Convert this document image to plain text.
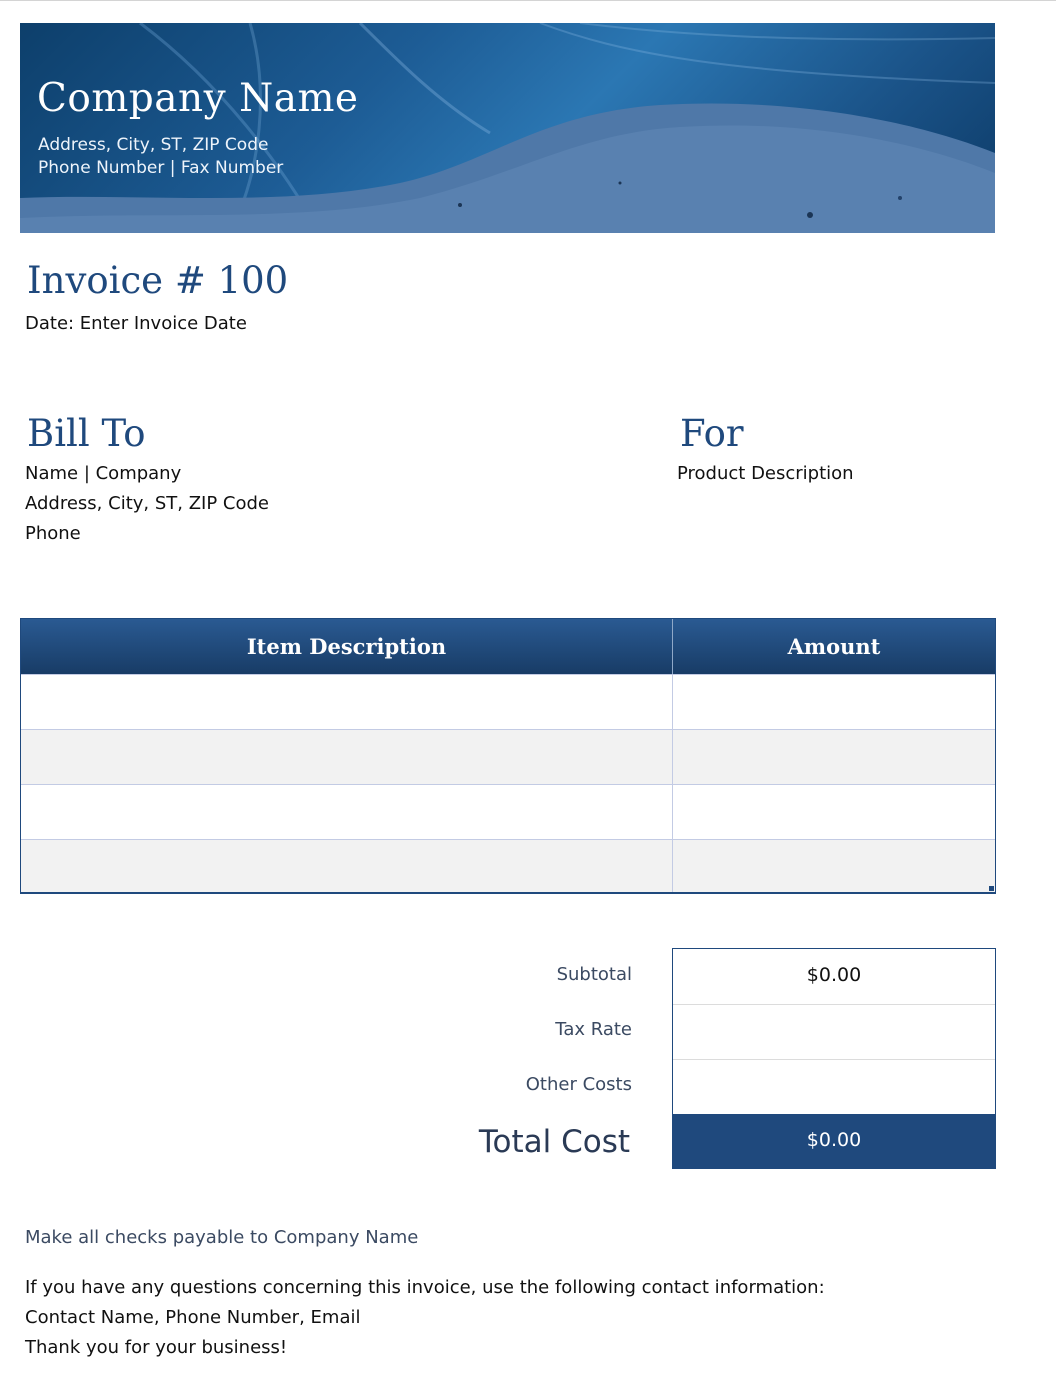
Company Name
Address, City, ST, ZIP Code
Phone Number | Fax Number
Invoice # 100
Date: Enter Invoice Date
Bill To
Name | Company
Address, City, ST, ZIP Code
Phone
For
Product Description
Item Description	Amount
Subtotal
Tax Rate
Other Costs
Total Cost
$0.00
$0.00
Make all checks payable to Company Name
If you have any questions concerning this invoice, use the following contact information:
Contact Name, Phone Number, Email
Thank you for your business!
